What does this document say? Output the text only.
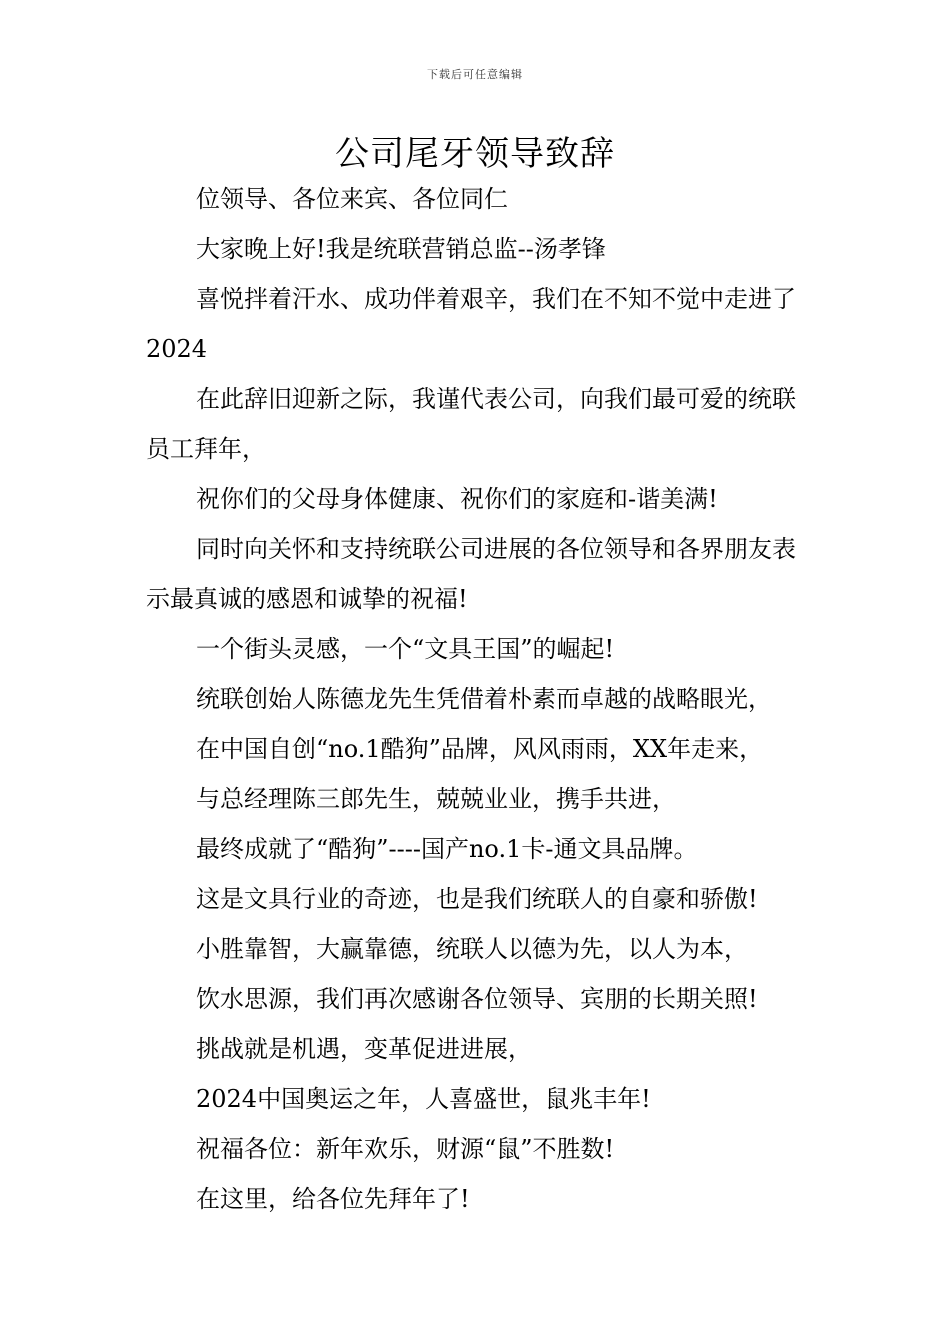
下载后可任意编辑
公司尾牙领导致辞

位领导、各位来宾、各位同仁

大家晚上好!我是统联营销总监--汤孝锋

喜悦拌着汗水、成功伴着艰辛，我们在不知不觉中走进了2024

在此辞旧迎新之际，我谨代表公司，向我们最可爱的统联员工拜年，

祝你们的父母身体健康、祝你们的家庭和-谐美满!

同时向关怀和支持统联公司进展的各位领导和各界朋友表示最真诚的感恩和诚挚的祝福!

一个街头灵感，一个“文具王国”的崛起!

统联创始人陈德龙先生凭借着朴素而卓越的战略眼光，

在中国自创“no.1酷狗”品牌，风风雨雨，XX年走来，

与总经理陈三郎先生，兢兢业业，携手共进，

最终成就了“酷狗”----国产no.1卡-通文具品牌。

这是文具行业的奇迹，也是我们统联人的自豪和骄傲!

小胜靠智，大赢靠德，统联人以德为先，以人为本，

饮水思源，我们再次感谢各位领导、宾朋的长期关照!

挑战就是机遇，变革促进进展，

2024中国奥运之年，人喜盛世，鼠兆丰年!

祝福各位：新年欢乐，财源“鼠”不胜数!

在这里，给各位先拜年了!
